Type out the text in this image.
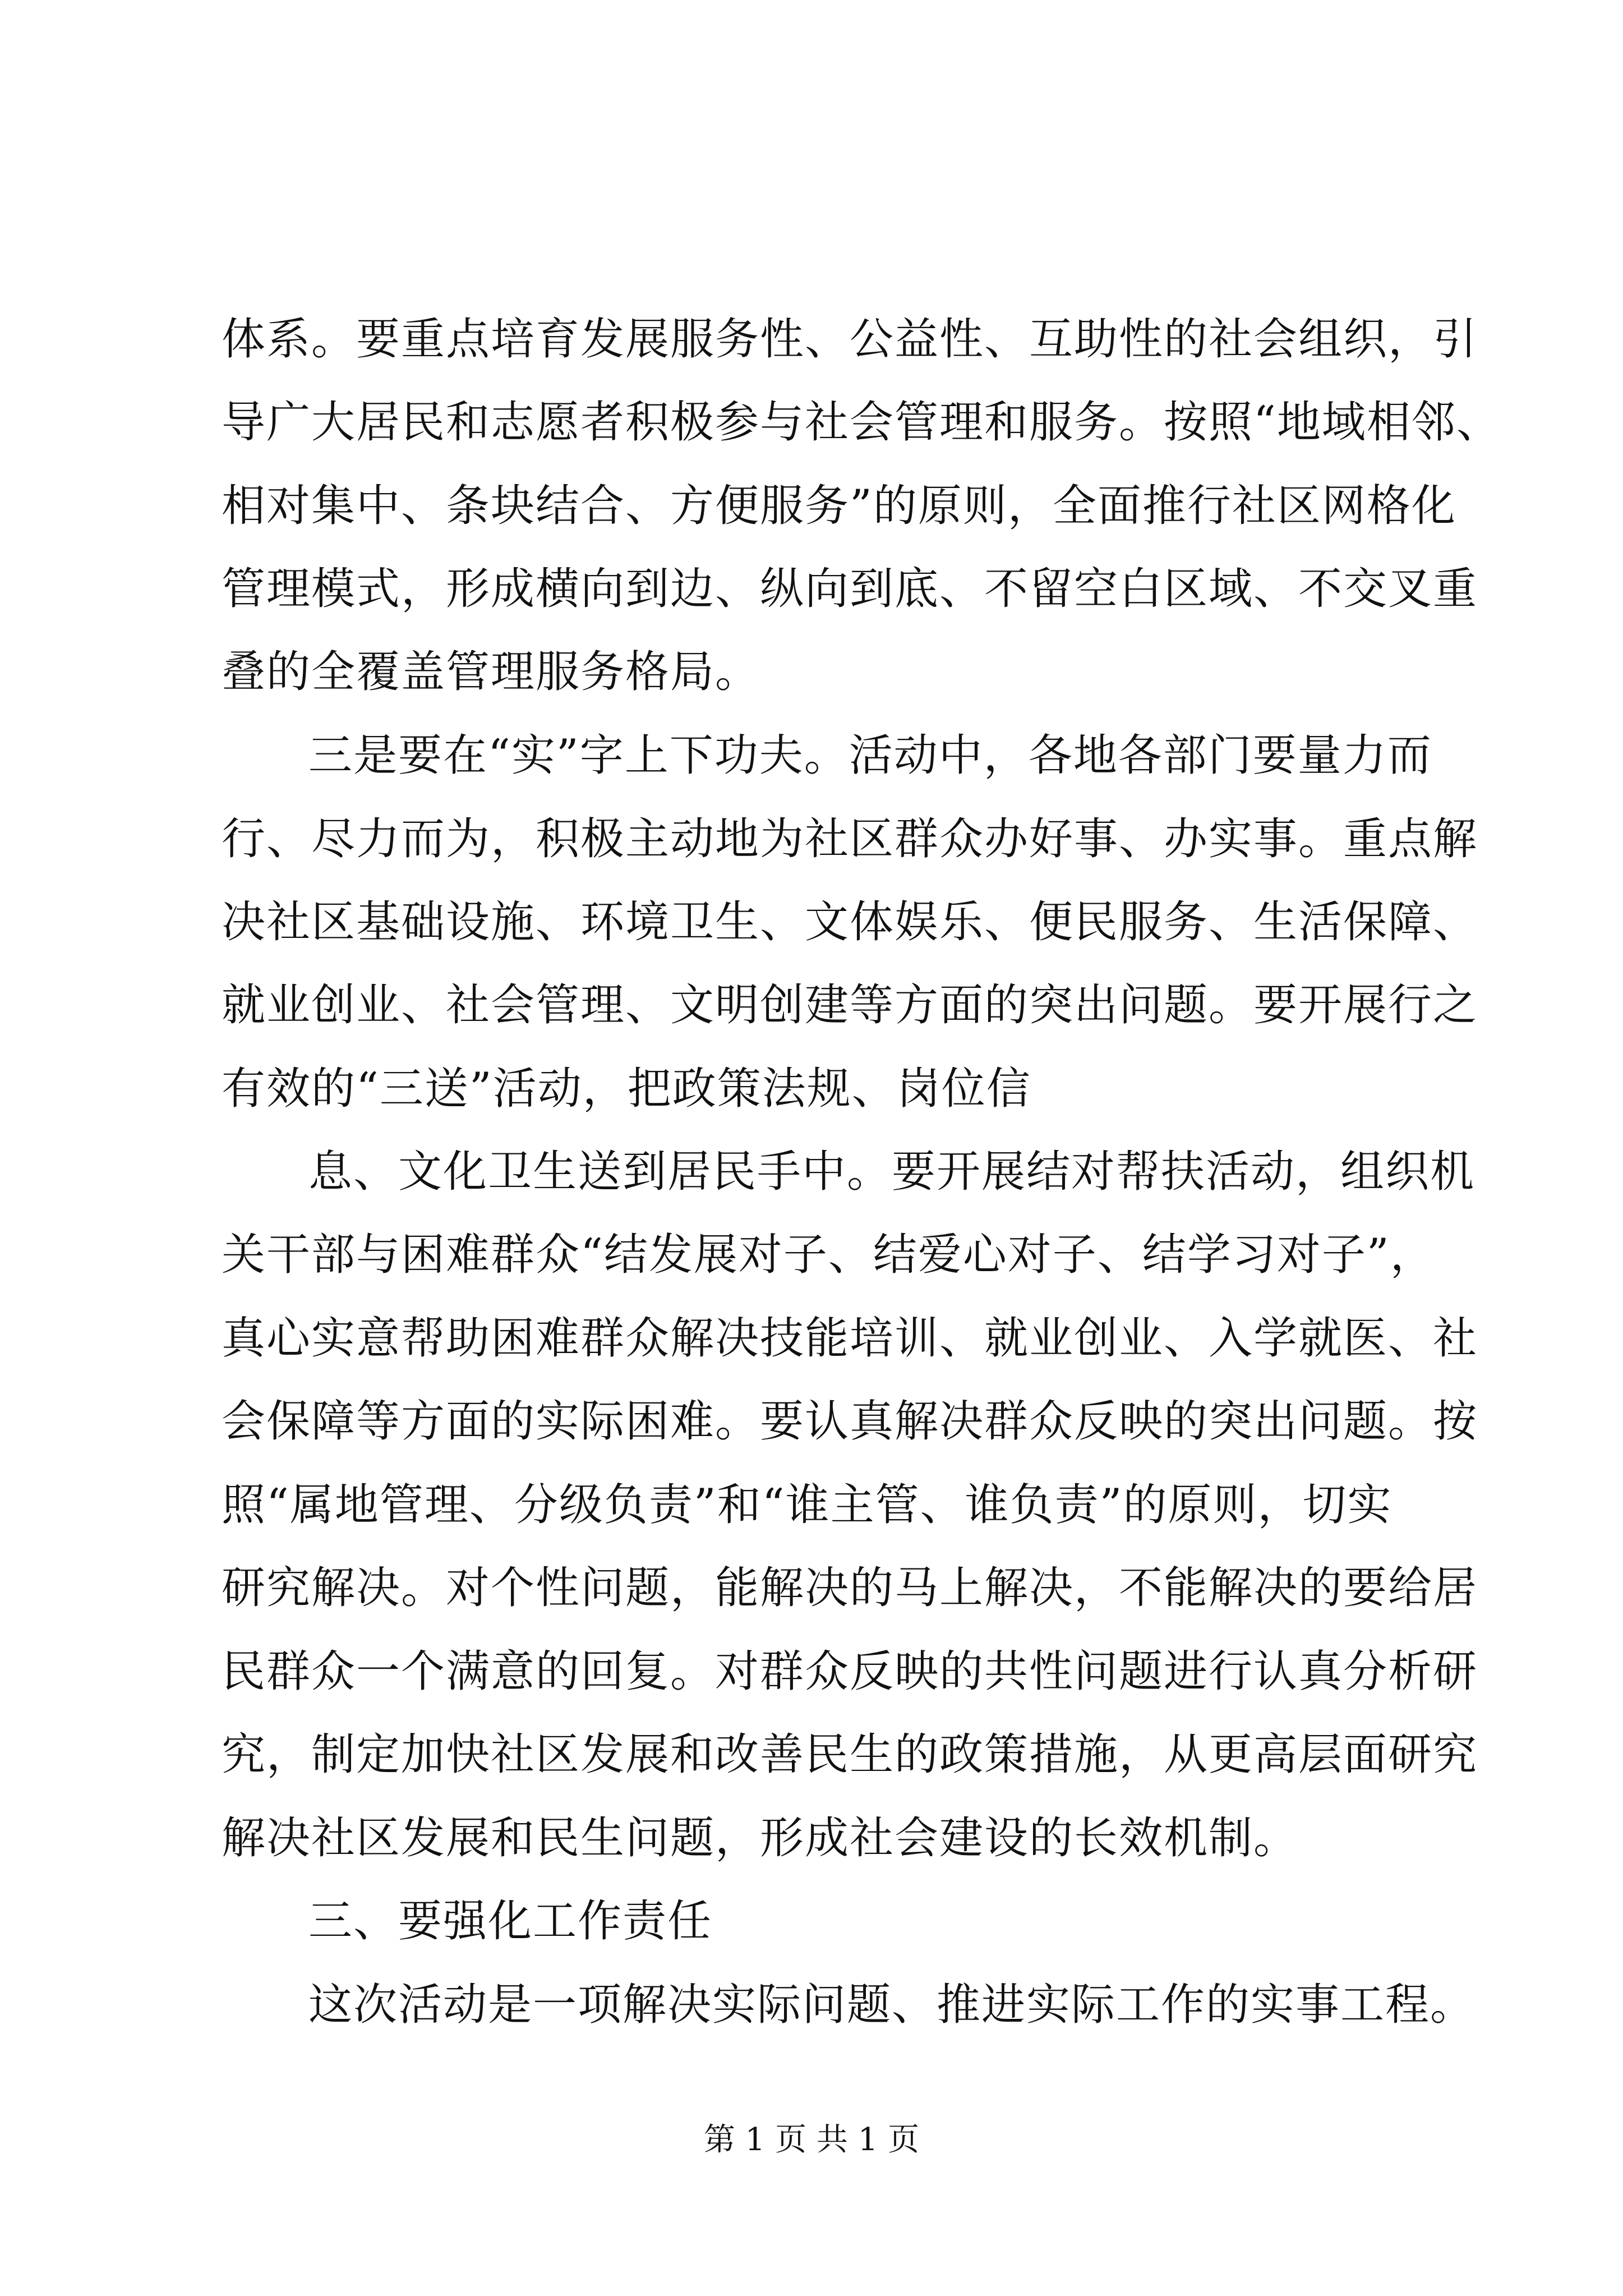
体系。要重点培育发展服务性、公益性、互助性的社会组织，引
导广大居民和志愿者积极参与社会管理和服务。按照“地域相邻、
相对集中、条块结合、方便服务”的原则，全面推行社区网格化
管理模式，形成横向到边、纵向到底、不留空白区域、不交叉重
叠的全覆盖管理服务格局。
三是要在“实”字上下功夫。活动中，各地各部门要量力而
行、尽力而为，积极主动地为社区群众办好事、办实事。重点解
决社区基础设施、环境卫生、文体娱乐、便民服务、生活保障、
就业创业、社会管理、文明创建等方面的突出问题。要开展行之
有效的“三送”活动，把政策法规、岗位信
息、文化卫生送到居民手中。要开展结对帮扶活动，组织机
关干部与困难群众“结发展对子、结爱心对子、结学习对子”，
真心实意帮助困难群众解决技能培训、就业创业、入学就医、社
会保障等方面的实际困难。要认真解决群众反映的突出问题。按
照“属地管理、分级负责”和“谁主管、谁负责”的原则，切实
研究解决。对个性问题，能解决的马上解决，不能解决的要给居
民群众一个满意的回复。对群众反映的共性问题进行认真分析研
究，制定加快社区发展和改善民生的政策措施，从更高层面研究
解决社区发展和民生问题，形成社会建设的长效机制。
三、要强化工作责任
这次活动是一项解决实际问题、推进实际工作的实事工程。
第 1 页 共 1 页
